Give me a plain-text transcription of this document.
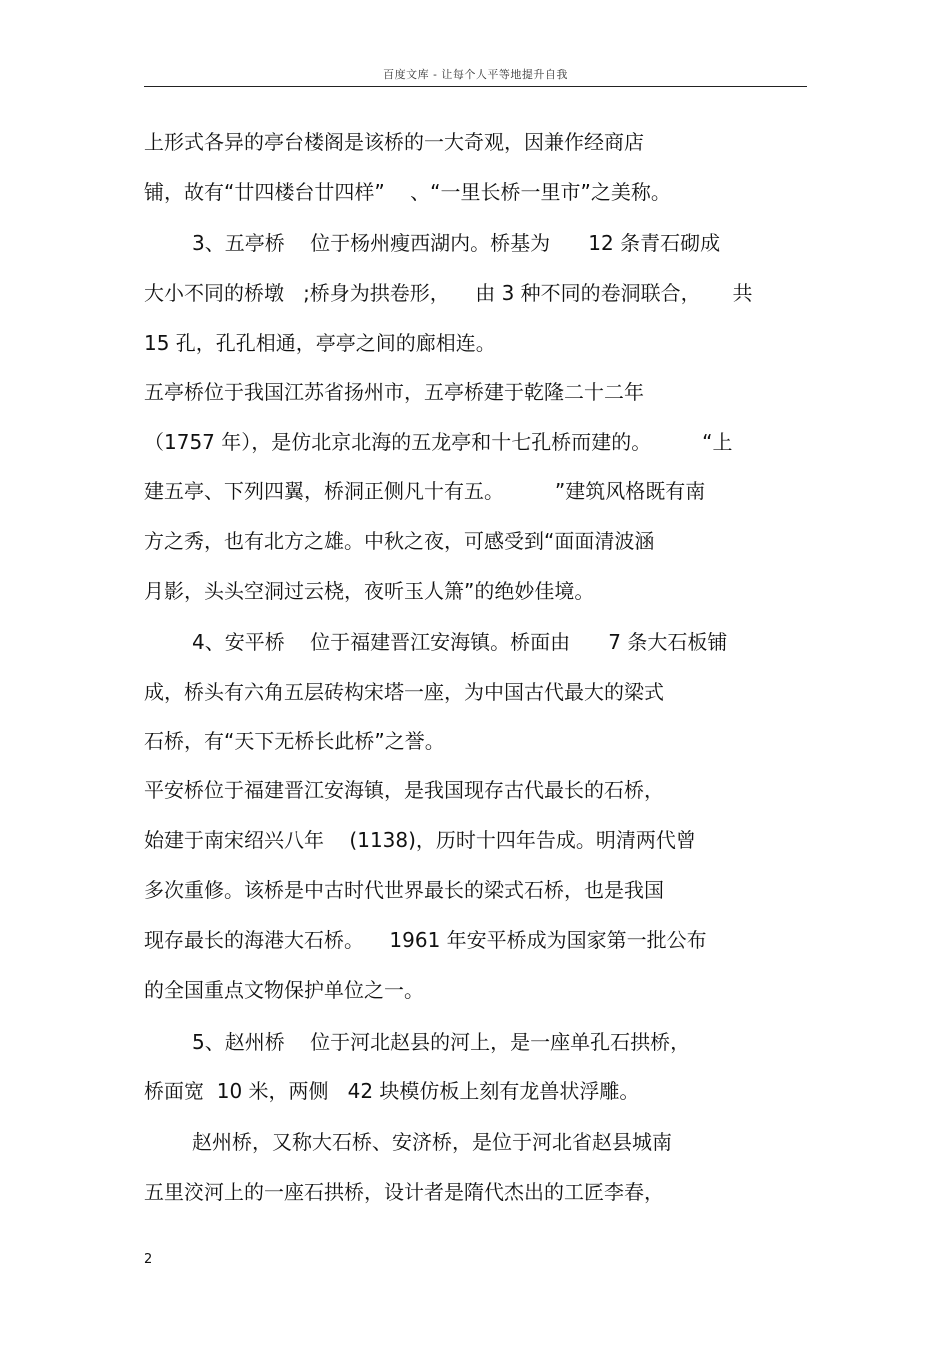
百度文库 - 让每个人平等地提升自我
上形式各异的亭台楼阁是该桥的一大奇观，因兼作经商店
铺，故有“廿四楼台廿四样”    、“一里长桥一里市”之美称。
3、五亭桥    位于杨州瘦西湖内。桥基为      12 条青石砌成
大小不同的桥墩   ;桥身为拱卷形，    由 3 种不同的卷洞联合，     共
15 孔，孔孔相通，亭亭之间的廊相连。
五亭桥位于我国江苏省扬州市，五亭桥建于乾隆二十二年
（1757 年），是仿北京北海的五龙亭和十七孔桥而建的。        “上
建五亭、下列四翼，桥洞正侧凡十有五。        ”建筑风格既有南
方之秀，也有北方之雄。中秋之夜，可感受到“面面清波涵
月影，头头空洞过云桡，夜听玉人箫”的绝妙佳境。
4、安平桥    位于福建晋江安海镇。桥面由      7 条大石板铺
成，桥头有六角五层砖构宋塔一座，为中国古代最大的梁式
石桥，有“天下无桥长此桥”之誉。
平安桥位于福建晋江安海镇，是我国现存古代最长的石桥，
始建于南宋绍兴八年    (1138)，历时十四年告成。明清两代曾
多次重修。该桥是中古时代世界最长的梁式石桥，也是我国
现存最长的海港大石桥。    1961 年安平桥成为国家第一批公布
的全国重点文物保护单位之一。
5、赵州桥    位于河北赵县的河上，是一座单孔石拱桥，
桥面宽  10 米，两侧   42 块模仿板上刻有龙兽状浮雕。
赵州桥，又称大石桥、安济桥，是位于河北省赵县城南
五里洨河上的一座石拱桥，设计者是隋代杰出的工匠李春，
2
